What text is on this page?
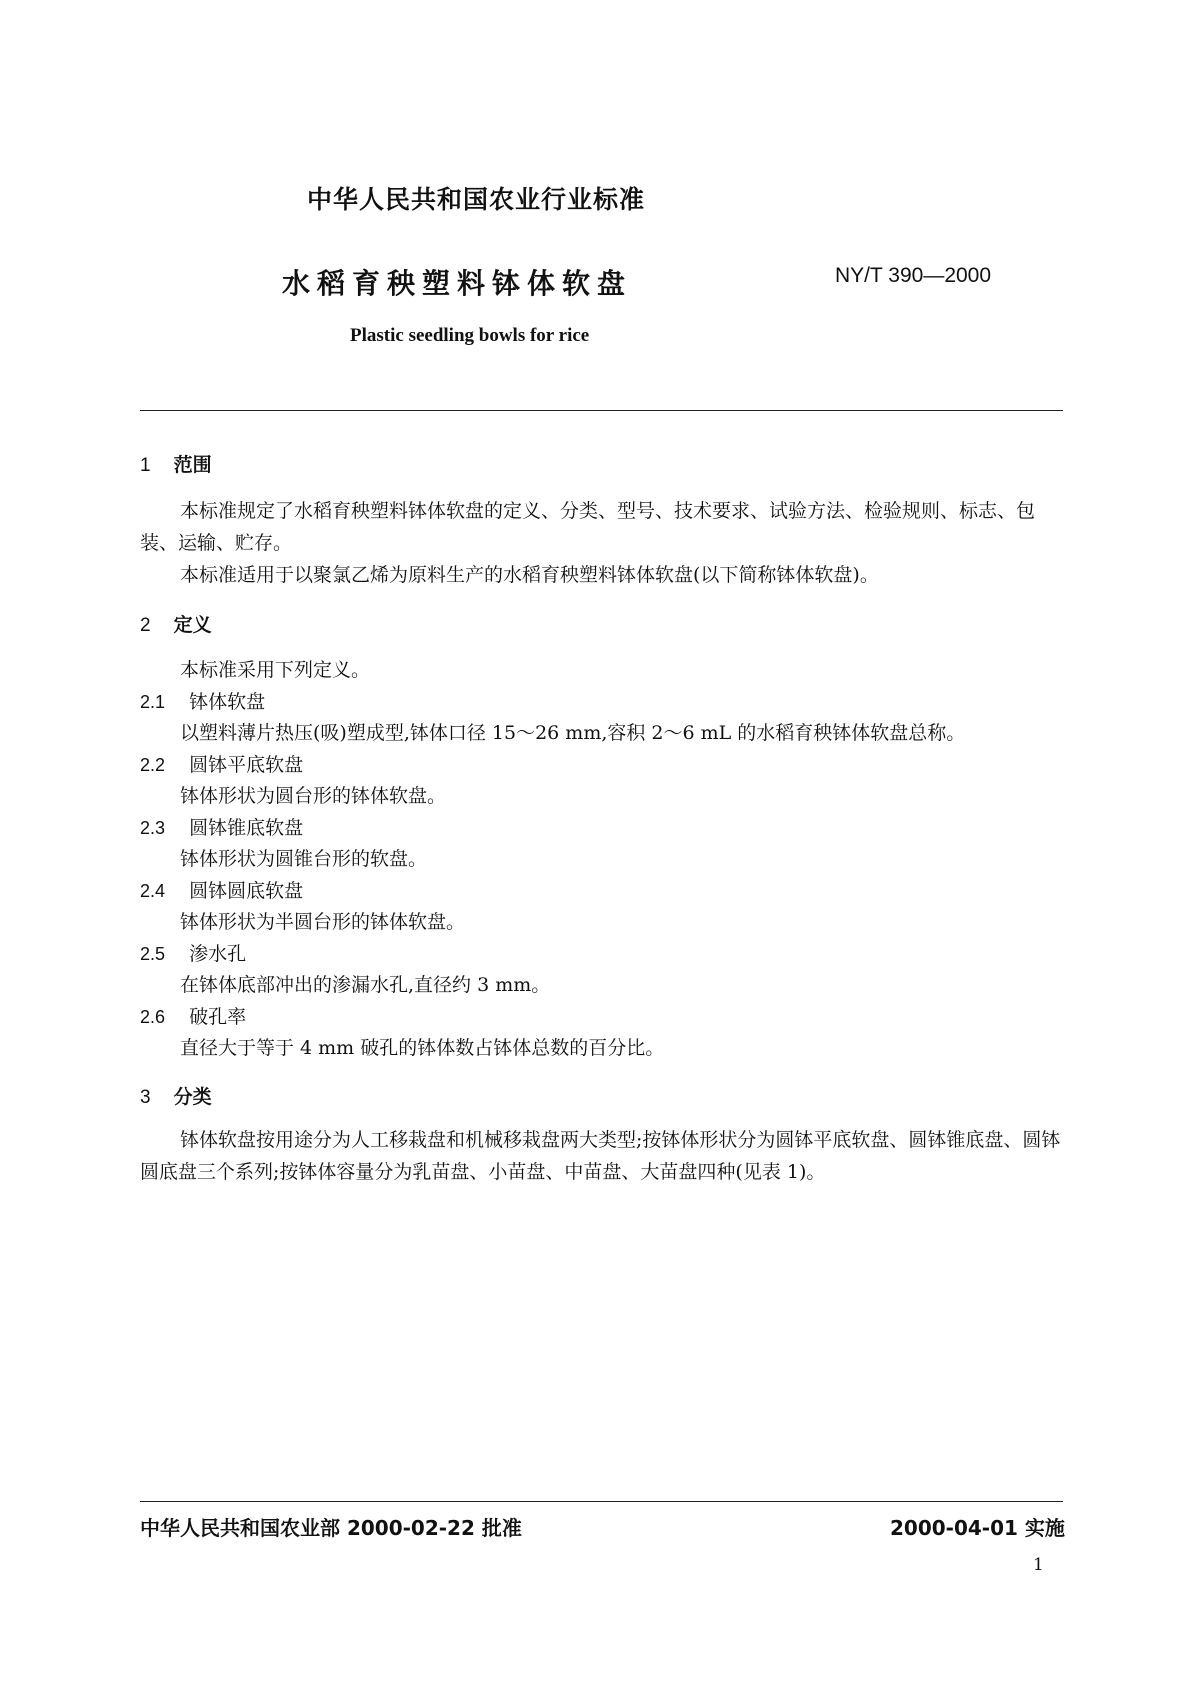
中华人民共和国农业行业标准
水稻育秧塑料钵体软盘	NY/T 390—2000
Plastic seedling bowls for rice
1 范围
本标准规定了水稻育秧塑料钵体软盘的定义、分类、型号、技术要求、试验方法、检验规则、标志、包装、运输、贮存。
本标准适用于以聚氯乙烯为原料生产的水稻育秧塑料钵体软盘(以下简称钵体软盘)。
2 定义
本标准采用下列定义。
2.1 钵体软盘
以塑料薄片热压(吸)塑成型,钵体口径 15～26 mm,容积 2～6 mL 的水稻育秧钵体软盘总称。
2.2 圆钵平底软盘
钵体形状为圆台形的钵体软盘。
2.3 圆钵锥底软盘
钵体形状为圆锥台形的软盘。
2.4 圆钵圆底软盘
钵体形状为半圆台形的钵体软盘。
2.5 渗水孔
在钵体底部冲出的渗漏水孔,直径约 3 mm。
2.6 破孔率
直径大于等于 4 mm 破孔的钵体数占钵体总数的百分比。
3 分类
钵体软盘按用途分为人工移栽盘和机械移栽盘两大类型;按钵体形状分为圆钵平底软盘、圆钵锥底盘、圆钵圆底盘三个系列;按钵体容量分为乳苗盘、小苗盘、中苗盘、大苗盘四种(见表 1)。
中华人民共和国农业部 2000-02-22 批准	2000-04-01 实施
1
